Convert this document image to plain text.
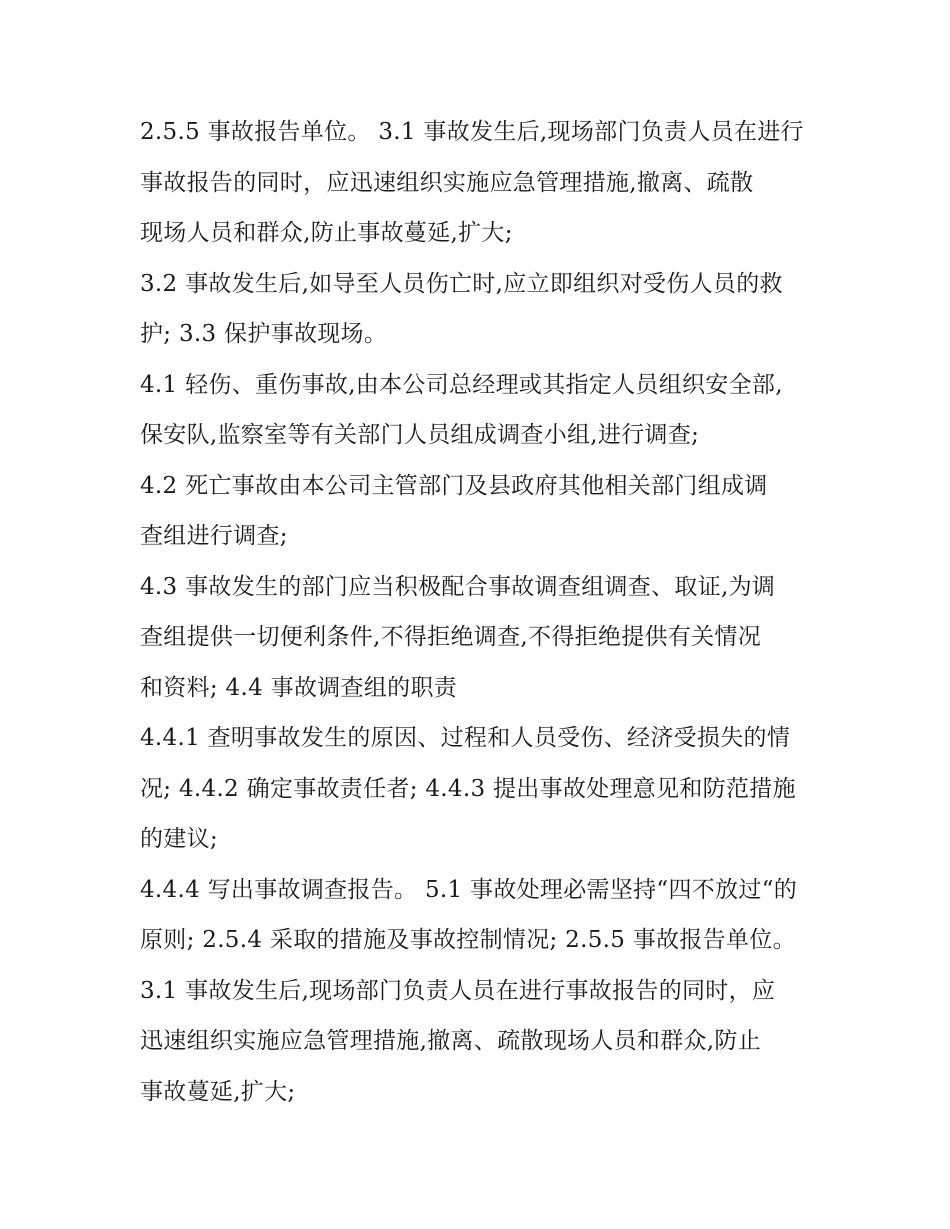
2.5.5 事故报告单位。 3.1 事故发生后,现场部门负责人员在进行
事故报告的同时，应迅速组织实施应急管理措施,撤离、疏散
现场人员和群众,防止事故蔓延,扩大;
3.2 事故发生后,如导至人员伤亡时,应立即组织对受伤人员的救
护; 3.3 保护事故现场。
4.1 轻伤、重伤事故,由本公司总经理或其指定人员组织安全部,
保安队,监察室等有关部门人员组成调查小组,进行调查;
4.2 死亡事故由本公司主管部门及县政府其他相关部门组成调
查组进行调查;
4.3 事故发生的部门应当积极配合事故调查组调查、取证,为调
查组提供一切便利条件,不得拒绝调查,不得拒绝提供有关情况
和资料; 4.4 事故调查组的职责
4.4.1 查明事故发生的原因、过程和人员受伤、经济受损失的情
况; 4.4.2 确定事故责任者; 4.4.3 提出事故处理意见和防范措施
的建议;
4.4.4 写出事故调查报告。 5.1 事故处理必需坚持“四不放过“的
原则; 2.5.4 采取的措施及事故控制情况; 2.5.5 事故报告单位。
3.1 事故发生后,现场部门负责人员在进行事故报告的同时，应
迅速组织实施应急管理措施,撤离、疏散现场人员和群众,防止
事故蔓延,扩大;
